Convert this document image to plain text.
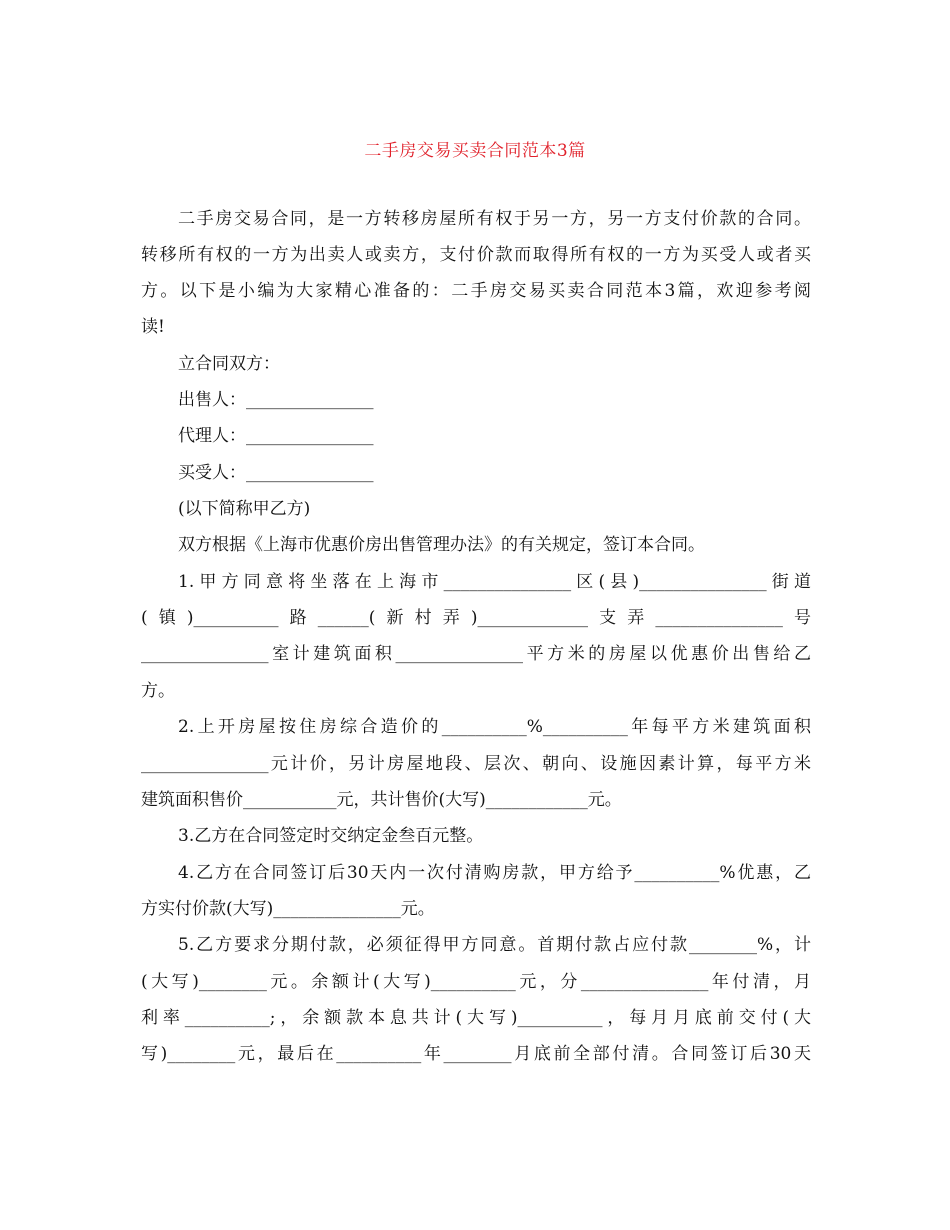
二手房交易买卖合同范本3篇
二手房交易合同，是一方转移房屋所有权于另一方，另一方支付价款的合同。
转移所有权的一方为出卖人或卖方，支付价款而取得所有权的一方为买受人或者买
方。以下是小编为大家精心准备的：二手房交易买卖合同范本3篇，欢迎参考阅
读!
立合同双方：
出售人：_______________
代理人：_______________
买受人：_______________
(以下简称甲乙方)
双方根据《上海市优惠价房出售管理办法》的有关规定，签订本合同。
1.甲方同意将坐落在上海市_______________区(县)_______________街道
(镇)__________路______(新村弄)_____________支弄_______________号
_______________室计建筑面积_______________平方米的房屋以优惠价出售给乙
方。
2.上开房屋按住房综合造价的__________%__________年每平方米建筑面积
_______________元计价，另计房屋地段、层次、朝向、设施因素计算，每平方米
建筑面积售价___________元，共计售价(大写)____________元。
3.乙方在合同签定时交纳定金叁百元整。
4.乙方在合同签订后30天内一次付清购房款，甲方给予__________%优惠，乙
方实付价款(大写)_______________元。
5.乙方要求分期付款，必须征得甲方同意。首期付款占应付款________%，计
(大写)________元。余额计(大写)__________元，分_______________年付清，月
利率__________;，余额款本息共计(大写)__________，每月月底前交付(大
写)________元，最后在__________年________月底前全部付清。合同签订后30天
